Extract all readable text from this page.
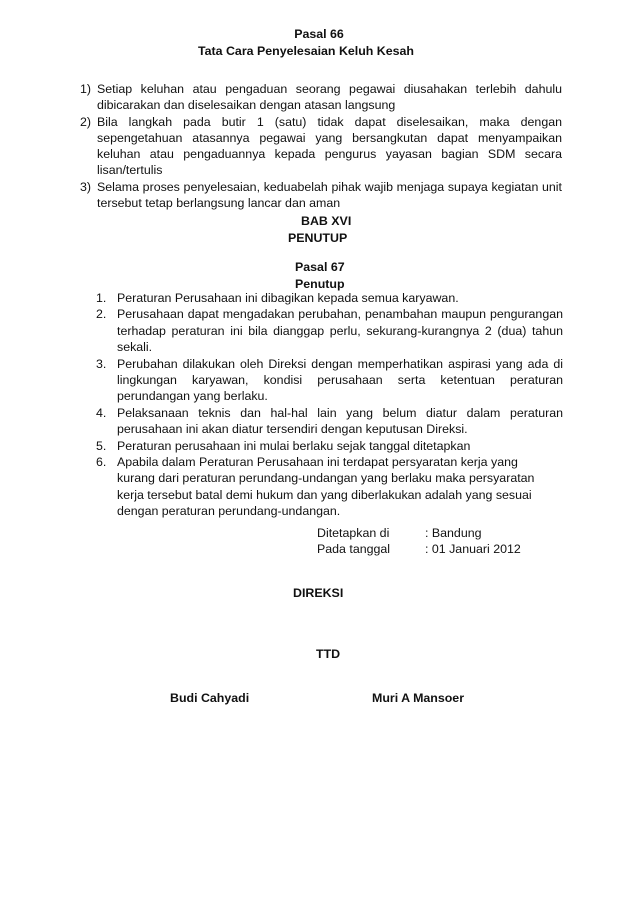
Pasal 66
Tata Cara Penyelesaian Keluh Kesah
1) Setiap keluhan atau pengaduan seorang pegawai diusahakan terlebih dahulu dibicarakan dan diselesaikan dengan atasan langsung
2) Bila langkah pada butir 1 (satu) tidak dapat diselesaikan, maka dengan sepengetahuan atasannya pegawai yang bersangkutan dapat menyampaikan keluhan atau pengaduannya kepada pengurus yayasan bagian SDM secara lisan/tertulis
3) Selama proses penyelesaian, keduabelah pihak wajib menjaga supaya kegiatan unit tersebut tetap berlangsung lancar dan aman
BAB XVI
PENUTUP
Pasal 67
Penutup
1. Peraturan Perusahaan ini dibagikan kepada semua karyawan.
2. Perusahaan dapat mengadakan perubahan, penambahan maupun pengurangan terhadap peraturan ini bila dianggap perlu, sekurang-kurangnya 2 (dua) tahun sekali.
3. Perubahan dilakukan oleh Direksi dengan memperhatikan aspirasi yang ada di lingkungan karyawan, kondisi perusahaan serta ketentuan peraturan perundangan yang berlaku.
4. Pelaksanaan teknis dan hal-hal lain yang belum diatur dalam peraturan perusahaan ini akan diatur tersendiri dengan keputusan Direksi.
5. Peraturan perusahaan ini mulai berlaku sejak tanggal ditetapkan
6. Apabila dalam Peraturan Perusahaan ini terdapat persyaratan kerja yang kurang dari peraturan perundang-undangan yang berlaku maka persyaratan kerja tersebut batal demi hukum dan yang diberlakukan adalah yang sesuai dengan peraturan perundang-undangan.
Ditetapkan di	: Bandung
Pada tanggal	: 01 Januari 2012
DIREKSI
TTD
Budi Cahyadi	Muri A Mansoer
